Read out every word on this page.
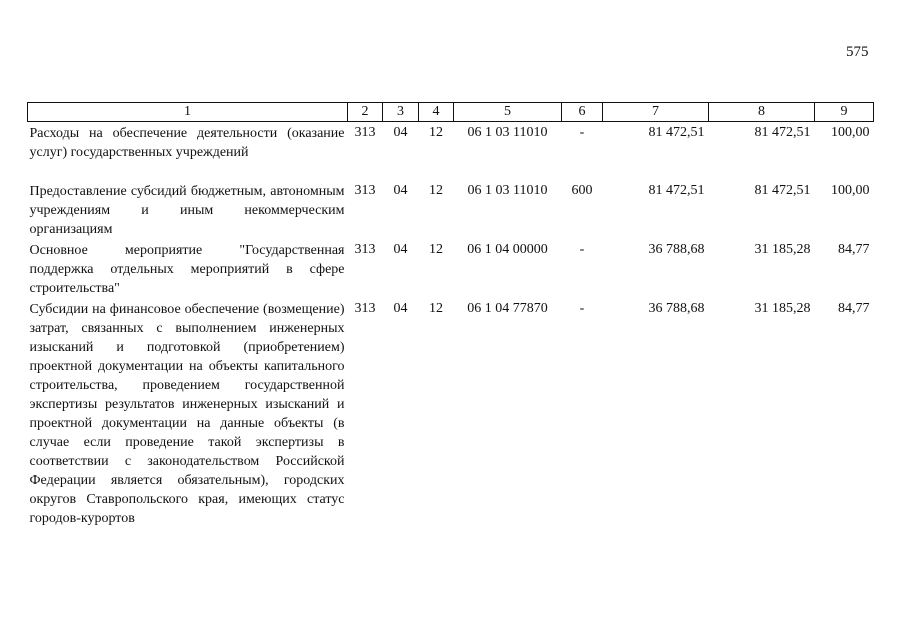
575
1	2	3	4	5	6	7	8	9
Расходы на обеспечение деятельности (оказание услуг) государственных учреждений	313	04	12	06 1 03 11010	-	81 472,51	81 472,51	100,00
Предоставление субсидий бюджетным, автономным учреждениям и иным некоммерческим организациям	313	04	12	06 1 03 11010	600	81 472,51	81 472,51	100,00
Основное мероприятие "Государственная поддержка отдельных мероприятий в сфере строительства"	313	04	12	06 1 04 00000	-	36 788,68	31 185,28	84,77
Субсидии на финансовое обеспечение (возмещение) затрат, связанных с выполнением инженерных изысканий и подготовкой (приобретением) проектной документации на объекты капитального строительства, проведением государственной экспертизы результатов инженерных изысканий и проектной документации на данные объекты (в случае если проведение такой экспертизы в соответствии с законодательством Российской Федерации является обязательным), городских округов Ставропольского края, имеющих статус городов-курортов	313	04	12	06 1 04 77870	-	36 788,68	31 185,28	84,77
